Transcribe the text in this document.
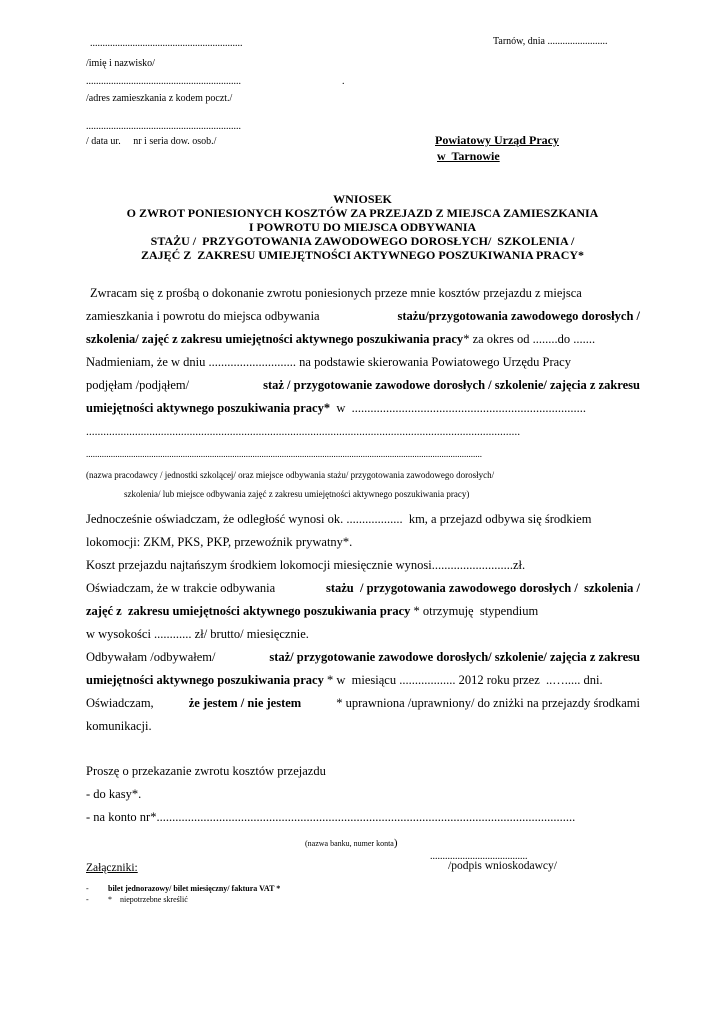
.............................................................	Tarnów, dnia ........................
/imię i nazwisko/
..............................................................	.
/adres zamieszkania z kodem poczt./
..............................................................
/ data ur.     nr i seria dow. osob./	Powiatowy Urząd Pracy
w  Tarnowie
WNIOSEK
O ZWROT PONIESIONYCH KOSZTÓW ZA PRZEJAZD Z MIEJSCA ZAMIESZKANIA
I POWROTU DO MIEJSCA ODBYWANIA
STAŻU /  PRZYGOTOWANIA ZAWODOWEGO DOROSŁYCH/  SZKOLENIA /
ZAJĘĆ Z  ZAKRESU UMIEJĘTNOŚCI AKTYWNEGO POSZUKIWANIA PRACY*
Zwracam się z prośbą o dokonanie zwrotu poniesionych przeze mnie kosztów przejazdu z miejsca
zamieszkania i powrotu do miejsca odbywania	stażu/przygotowania zawodowego dorosłych /
szkolenia/ zajęć z zakresu umiejętności aktywnego poszukiwania pracy* za okres od ........do .......
Nadmieniam, że w dniu ............................ na podstawie skierowania Powiatowego Urzędu Pracy
podjęłam /podjąłem/	staż / przygotowanie zawodowe dorosłych / szkolenie/ zajęcia z zakresu
umiejętności aktywnego poszukiwania pracy*  w  ...........................................................................
.......................................................................................................................................................
................................................................................................................................................................................
(nazwa pracodawcy / jednostki szkolącej/ oraz miejsce odbywania stażu/ przygotowania zawodowego dorosłych/
szkolenia/ lub miejsce odbywania zajęć z zakresu umiejętności aktywnego poszukiwania pracy)
Jednocześnie oświadczam, że odległość wynosi ok. ..................  km, a przejazd odbywa się środkiem
lokomocji: ZKM, PKS, PKP, przewoźnik prywatny*.
Koszt przejazdu najtańszym środkiem lokomocji miesięcznie wynosi..........................zł.
Oświadczam, że w trakcie odbywania	stażu  / przygotowania zawodowego dorosłych /  szkolenia /
zajęć z  zakresu umiejętności aktywnego poszukiwania pracy * otrzymuję  stypendium
w wysokości ............ zł/ brutto/ miesięcznie.
Odbywałam /odbywałem/	staż/ przygotowanie zawodowe dorosłych/ szkolenie/ zajęcia z zakresu
umiejętności aktywnego poszukiwania pracy * w  miesiącu .................. 2012 roku przez  ..…..... dni.
Oświadczam,	że jestem / nie jestem	* uprawniona /uprawniony/ do zniżki na przejazdy środkami
komunikacji.
Proszę o przekazanie zwrotu kosztów przejazdu
- do kasy*.
- na konto nr*......................................................................................................................................
(nazwa banku, numer konta)
.......................................
/podpis wnioskodawcy/
Załączniki:
- bilet jednorazowy/ bilet miesięczny/ faktura VAT *
- * niepotrzebne skreślić
